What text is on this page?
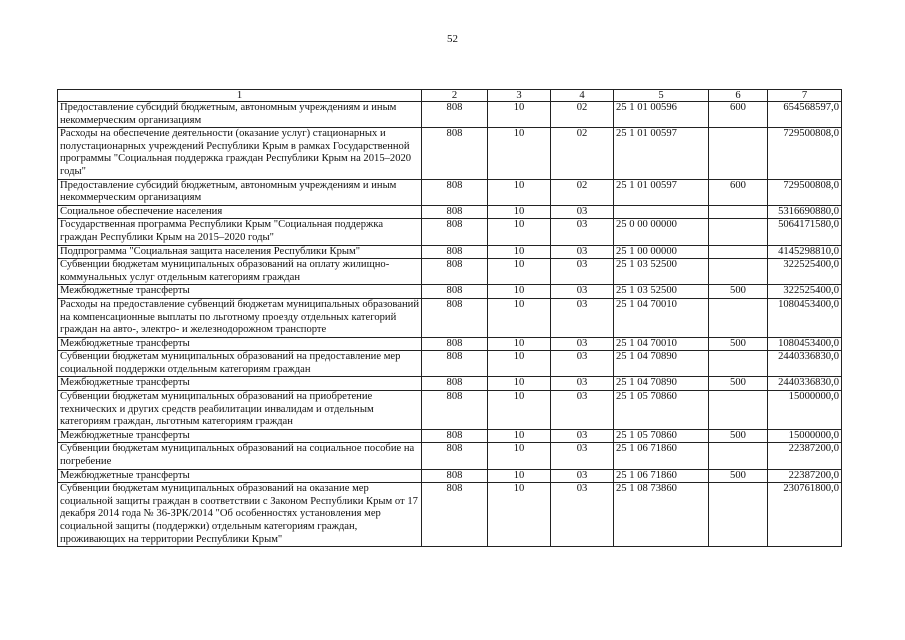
52
1	2	3	4	5	6	7
Предоставление субсидий бюджетным, автономным учреждениям и иным некоммерческим организациям	808	10	02	25 1 01 00596	600	654568597,0
Расходы на обеспечение деятельности (оказание услуг) стационарных и полустационарных учреждений Республики Крым в рамках Государственной программы "Социальная поддержка граждан Республики Крым на 2015–2020 годы"	808	10	02	25 1 01 00597		729500808,0
Предоставление субсидий бюджетным, автономным учреждениям и иным некоммерческим организациям	808	10	02	25 1 01 00597	600	729500808,0
Социальное обеспечение населения	808	10	03			5316690880,0
Государственная программа Республики Крым "Социальная поддержка граждан Республики Крым на 2015–2020 годы"	808	10	03	25 0 00 00000		5064171580,0
Подпрограмма "Социальная защита населения Республики Крым"	808	10	03	25 1 00 00000		4145298810,0
Субвенции бюджетам муниципальных образований на оплату жилищно-коммунальных услуг отдельным категориям граждан	808	10	03	25 1 03 52500		322525400,0
Межбюджетные трансферты	808	10	03	25 1 03 52500	500	322525400,0
Расходы на предоставление субвенций бюджетам муниципальных образований на компенсационные выплаты по льготному проезду отдельных категорий граждан на авто-, электро- и железнодорожном транспорте	808	10	03	25 1 04 70010		1080453400,0
Межбюджетные трансферты	808	10	03	25 1 04 70010	500	1080453400,0
Субвенции бюджетам муниципальных образований на предоставление мер социальной поддержки отдельным категориям граждан	808	10	03	25 1 04 70890		2440336830,0
Межбюджетные трансферты	808	10	03	25 1 04 70890	500	2440336830,0
Субвенции бюджетам муниципальных образований на приобретение технических и других средств реабилитации инвалидам и отдельным категориям граждан, льготным категориям граждан	808	10	03	25 1 05 70860		15000000,0
Межбюджетные трансферты	808	10	03	25 1 05 70860	500	15000000,0
Субвенции бюджетам муниципальных образований на социальное пособие на погребение	808	10	03	25 1 06 71860		22387200,0
Межбюджетные трансферты	808	10	03	25 1 06 71860	500	22387200,0
Субвенции бюджетам муниципальных образований на оказание мер социальной защиты граждан в соответствии с Законом Республики Крым от 17 декабря 2014 года № 36-ЗРК/2014 "Об особенностях установления мер социальной защиты (поддержки) отдельным категориям граждан, проживающих на территории Республики Крым"	808	10	03	25 1 08 73860		230761800,0
